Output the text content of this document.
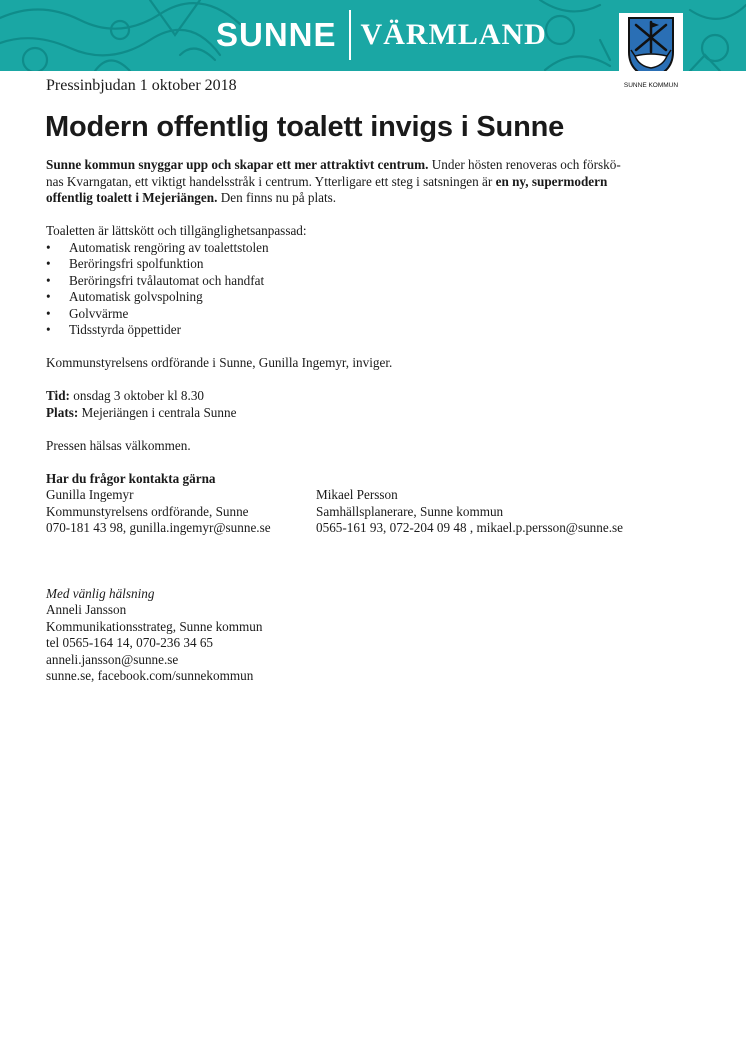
SUNNE VÄRMLAND
SUNNE KOMMUN
Pressinbjudan 1 oktober 2018
Modern offentlig toalett invigs i Sunne

Sunne kommun snyggar upp och skapar ett mer attraktivt centrum. Under hösten renoveras och förskö-
nas Kvarngatan, ett viktigt handelsstråk i centrum. Ytterligare ett steg i satsningen är en ny, supermodern
offentlig toalett i Mejeriängen. Den finns nu på plats.

Toaletten är lättskött och tillgänglighetsanpassad:

• Automatisk rengöring av toalettstolen
• Beröringsfri spolfunktion
• Beröringsfri tvålautomat och handfat
• Automatisk golvspolning
• Golvvärme
• Tidsstyrda öppettider

Kommunstyrelsens ordförande i Sunne, Gunilla Ingemyr, inviger.

Tid: onsdag 3 oktober kl 8.30

Plats: Mejeriängen i centrala Sunne

Pressen hälsas välkommen.

Har du frågor kontakta gärna

Gunilla Ingemyr

Kommunstyrelsens ordförande, Sunne

070-181 43 98, gunilla.ingemyr@sunne.se

Mikael Persson

Samhällsplanerare, Sunne kommun

0565-161 93, 072-204 09 48 , mikael.p.persson@sunne.se

Med vänlig hälsning

Anneli Jansson

Kommunikationsstrateg, Sunne kommun

tel 0565-164 14, 070-236 34 65

anneli.jansson@sunne.se

sunne.se, facebook.com/sunnekommun
